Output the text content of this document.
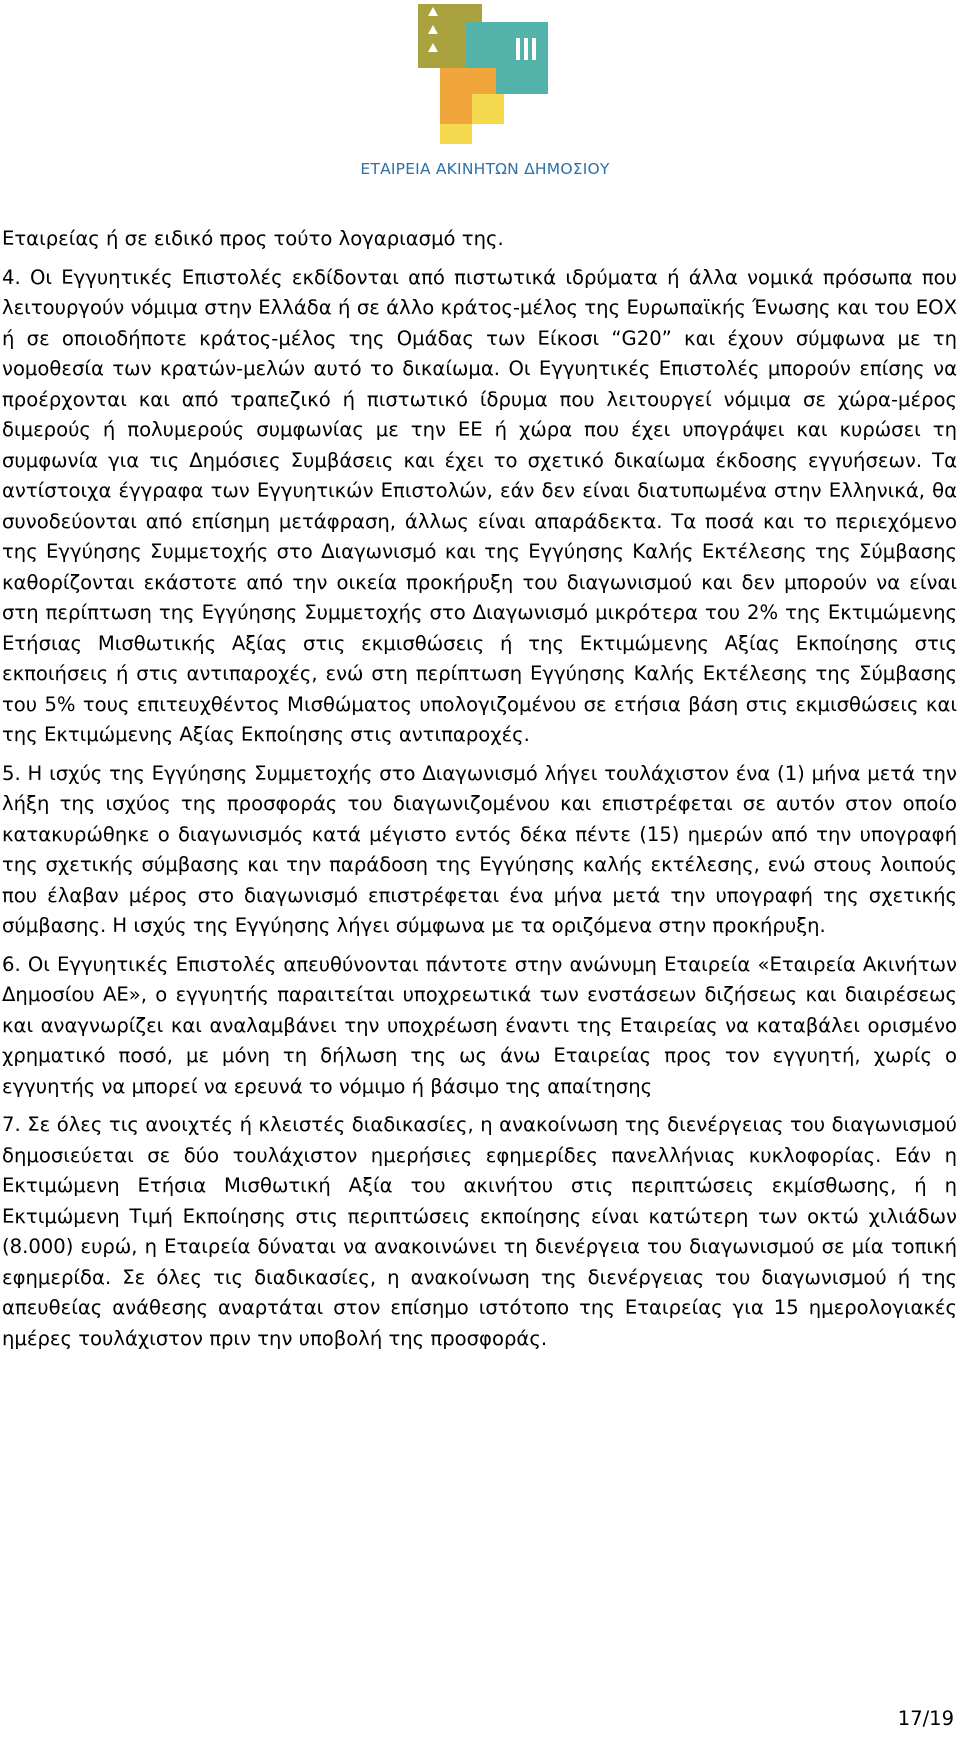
ΕΤΑΙΡΕΙΑ ΑΚΙΝΗΤΩΝ ΔΗΜΟΣΙΟΥ

Εταιρείας ή σε ειδικό προς τούτο λογαριασμό της.

4. Οι Εγγυητικές Επιστολές εκδίδονται από πιστωτικά ιδρύματα ή άλλα νομικά πρόσωπα που λειτουργούν νόμιμα στην Ελλάδα ή σε άλλο κράτος-μέλος της Ευρωπαϊκής Ένωσης και του ΕΟΧ ή σε οποιοδήποτε κράτος-μέλος της Ομάδας των Είκοσι “G20” και έχουν σύμφωνα με τη νομοθεσία των κρατών-μελών αυτό το δικαίωμα. Οι Εγγυητικές Επιστολές μπορούν επίσης να προέρχονται και από τραπεζικό ή πιστωτικό ίδρυμα που λειτουργεί νόμιμα σε χώρα-μέρος διμερούς ή πολυμερούς συμφωνίας με την ΕΕ ή χώρα που έχει υπογράψει και κυρώσει τη συμφωνία για τις Δημόσιες Συμβάσεις και έχει το σχετικό δικαίωμα έκδοσης εγγυήσεων. Τα αντίστοιχα έγγραφα των Εγγυητικών Επιστολών, εάν δεν είναι διατυπωμένα στην Ελληνικά, θα συνοδεύονται από επίσημη μετάφραση, άλλως είναι απαράδεκτα. Τα ποσά και το περιεχόμενο της Εγγύησης Συμμετοχής στο Διαγωνισμό και της Εγγύησης Καλής Εκτέλεσης της Σύμβασης καθορίζονται εκάστοτε από την οικεία προκήρυξη του διαγωνισμού και δεν μπορούν να είναι στη περίπτωση της Εγγύησης Συμμετοχής στο Διαγωνισμό μικρότερα του 2% της Εκτιμώμενης Ετήσιας Μισθωτικής Αξίας στις εκμισθώσεις ή της Εκτιμώμενης Αξίας Εκποίησης στις εκποιήσεις ή στις αντιπαροχές, ενώ στη περίπτωση Εγγύησης Καλής Εκτέλεσης της Σύμβασης του 5% τους επιτευχθέντος Μισθώματος υπολογιζομένου σε ετήσια βάση στις εκμισθώσεις και της Εκτιμώμενης Αξίας Εκποίησης στις αντιπαροχές.

5. Η ισχύς της Εγγύησης Συμμετοχής στο Διαγωνισμό λήγει τουλάχιστον ένα (1) μήνα μετά την λήξη της ισχύος της προσφοράς του διαγωνιζομένου και επιστρέφεται σε αυτόν στον οποίο κατακυρώθηκε ο διαγωνισμός κατά μέγιστο εντός δέκα πέντε (15) ημερών από την υπογραφή της σχετικής σύμβασης και την παράδοση της Εγγύησης καλής εκτέλεσης, ενώ στους λοιπούς που έλαβαν μέρος στο διαγωνισμό επιστρέφεται ένα μήνα μετά την υπογραφή της σχετικής σύμβασης. Η ισχύς της Εγγύησης λήγει σύμφωνα με τα οριζόμενα στην προκήρυξη.

6. Οι Εγγυητικές Επιστολές απευθύνονται πάντοτε στην ανώνυμη Εταιρεία «Εταιρεία Ακινήτων Δημοσίου ΑΕ», ο εγγυητής παραιτείται υποχρεωτικά των ενστάσεων διζήσεως και διαιρέσεως και αναγνωρίζει και αναλαμβάνει την υποχρέωση έναντι της Εταιρείας να καταβάλει ορισμένο χρηματικό ποσό, με μόνη τη δήλωση της ως άνω Εταιρείας προς τον εγγυητή, χωρίς ο εγγυητής να μπορεί να ερευνά το νόμιμο ή βάσιμο της απαίτησης

7. Σε όλες τις ανοιχτές ή κλειστές διαδικασίες, η ανακοίνωση της διενέργειας του διαγωνισμού δημοσιεύεται σε δύο τουλάχιστον ημερήσιες εφημερίδες πανελλήνιας κυκλοφορίας. Εάν η Εκτιμώμενη Ετήσια Μισθωτική Αξία του ακινήτου στις περιπτώσεις εκμίσθωσης, ή η Εκτιμώμενη Τιμή Εκποίησης στις περιπτώσεις εκποίησης είναι κατώτερη των οκτώ χιλιάδων (8.000) ευρώ, η Εταιρεία δύναται να ανακοινώνει τη διενέργεια του διαγωνισμού σε μία τοπική εφημερίδα. Σε όλες τις διαδικασίες, η ανακοίνωση της διενέργειας του διαγωνισμού ή της απευθείας ανάθεσης αναρτάται στον επίσημο ιστότοπο της Εταιρείας για 15 ημερολογιακές ημέρες τουλάχιστον πριν την υποβολή της προσφοράς.

17/19
